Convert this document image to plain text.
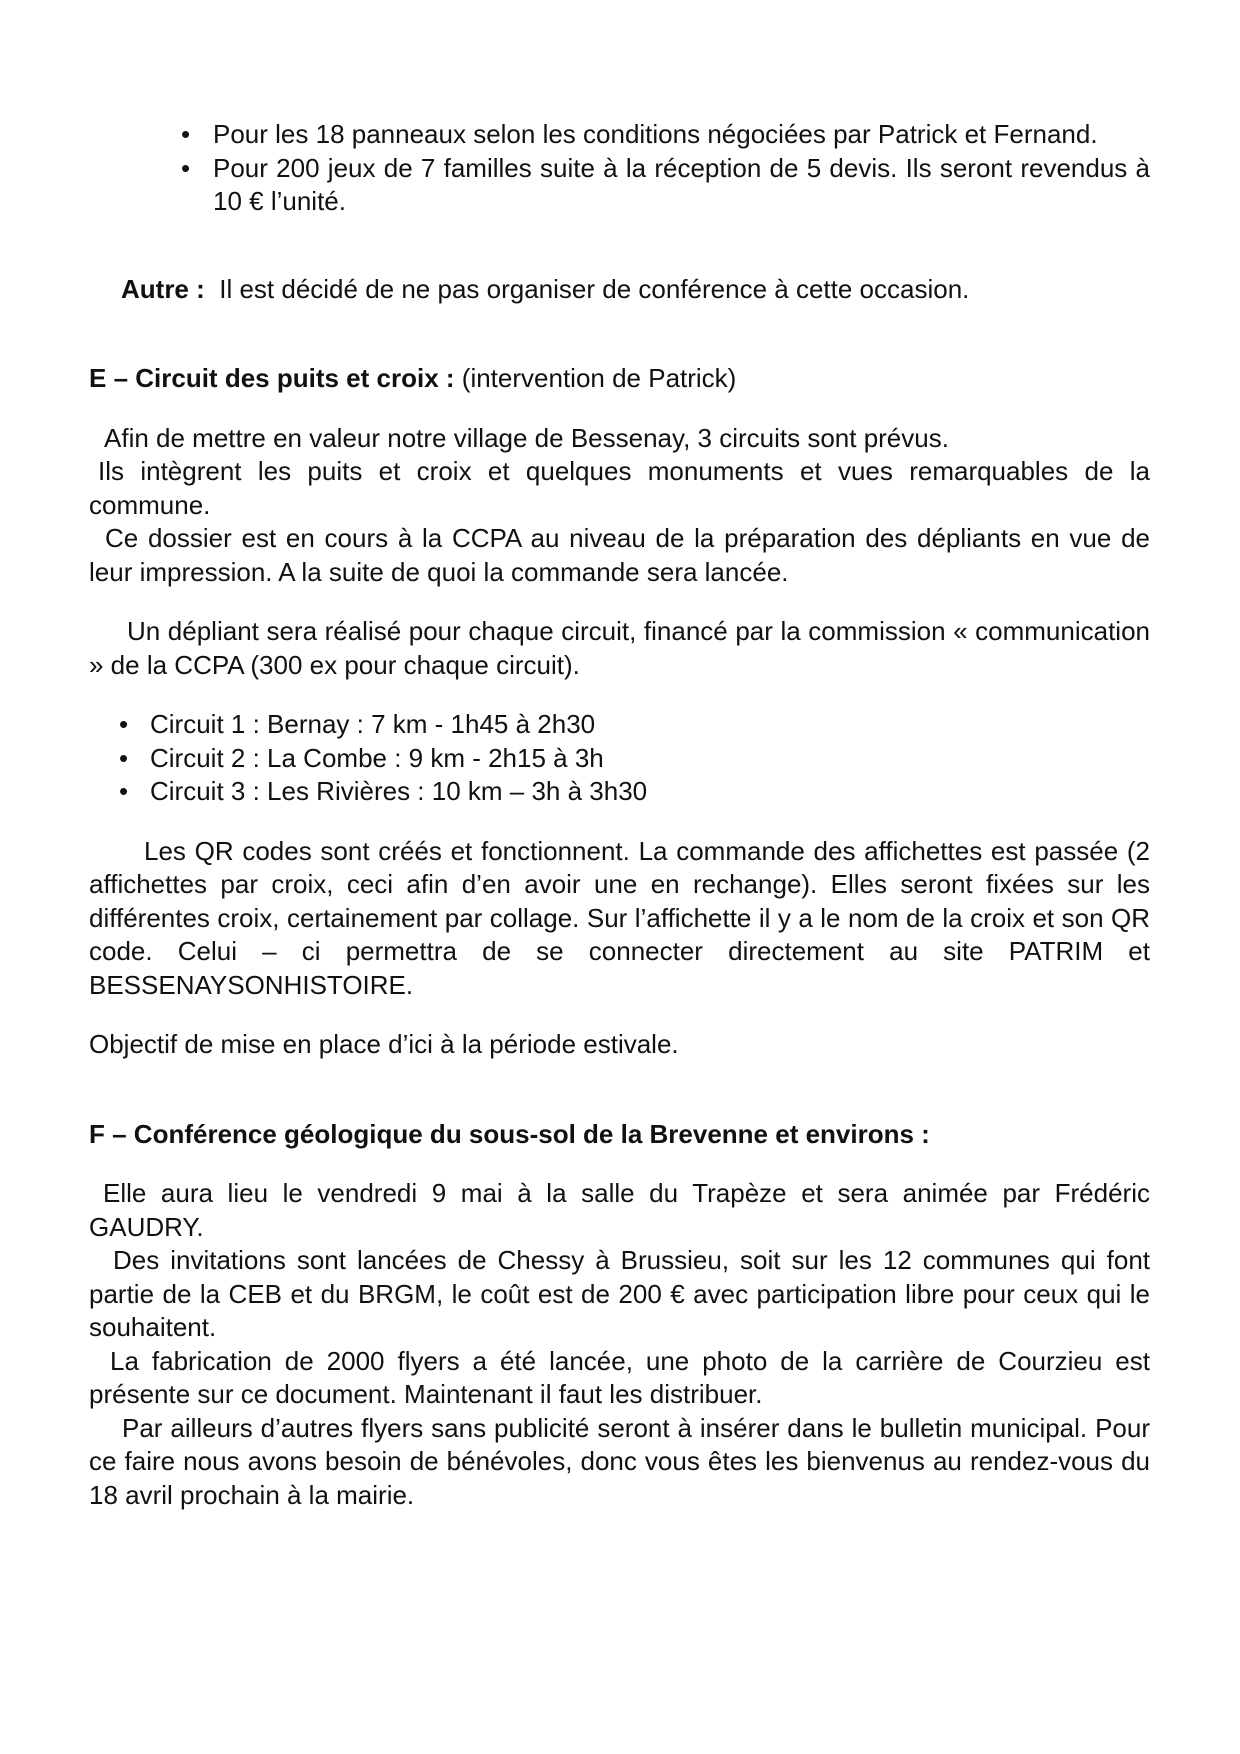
• Pour les 18 panneaux selon les conditions négociées par Patrick et Fernand.
• Pour 200 jeux de 7 familles suite à la réception de 5 devis. Ils seront revendus à 10 € l’unité.

Autre : Il est décidé de ne pas organiser de conférence à cette occasion.

E – Circuit des puits et croix : (intervention de Patrick)

Afin de mettre en valeur notre village de Bessenay, 3 circuits sont prévus.

Ils intègrent les puits et croix et quelques monuments et vues remarquables de la commune.

Ce dossier est en cours à la CCPA au niveau de la préparation des dépliants en vue de leur impression. A la suite de quoi la commande sera lancée.

Un dépliant sera réalisé pour chaque circuit, financé par la commission « communication » de la CCPA (300 ex pour chaque circuit).

• Circuit 1 : Bernay : 7 km - 1h45 à 2h30
• Circuit 2 : La Combe : 9 km - 2h15 à 3h
• Circuit 3 : Les Rivières : 10 km – 3h à 3h30

Les QR codes sont créés et fonctionnent. La commande des affichettes est passée (2 affichettes par croix, ceci afin d’en avoir une en rechange). Elles seront fixées sur les différentes croix, certainement par collage. Sur l’affichette il y a le nom de la croix et son QR code. Celui – ci permettra de se connecter directement au site PATRIM et BESSENAYSONHISTOIRE.

Objectif de mise en place d’ici à la période estivale.

F – Conférence géologique du sous-sol de la Brevenne et environs :

Elle aura lieu le vendredi 9 mai à la salle du Trapèze et sera animée par Frédéric GAUDRY.

Des invitations sont lancées de Chessy à Brussieu, soit sur les 12 communes qui font partie de la CEB et du BRGM, le coût est de 200 € avec participation libre pour ceux qui le souhaitent.

La fabrication de 2000 flyers a été lancée, une photo de la carrière de Courzieu est présente sur ce document. Maintenant il faut les distribuer.

Par ailleurs d’autres flyers sans publicité seront à insérer dans le bulletin municipal. Pour ce faire nous avons besoin de bénévoles, donc vous êtes les bienvenus au rendez-vous du 18 avril prochain à la mairie.
